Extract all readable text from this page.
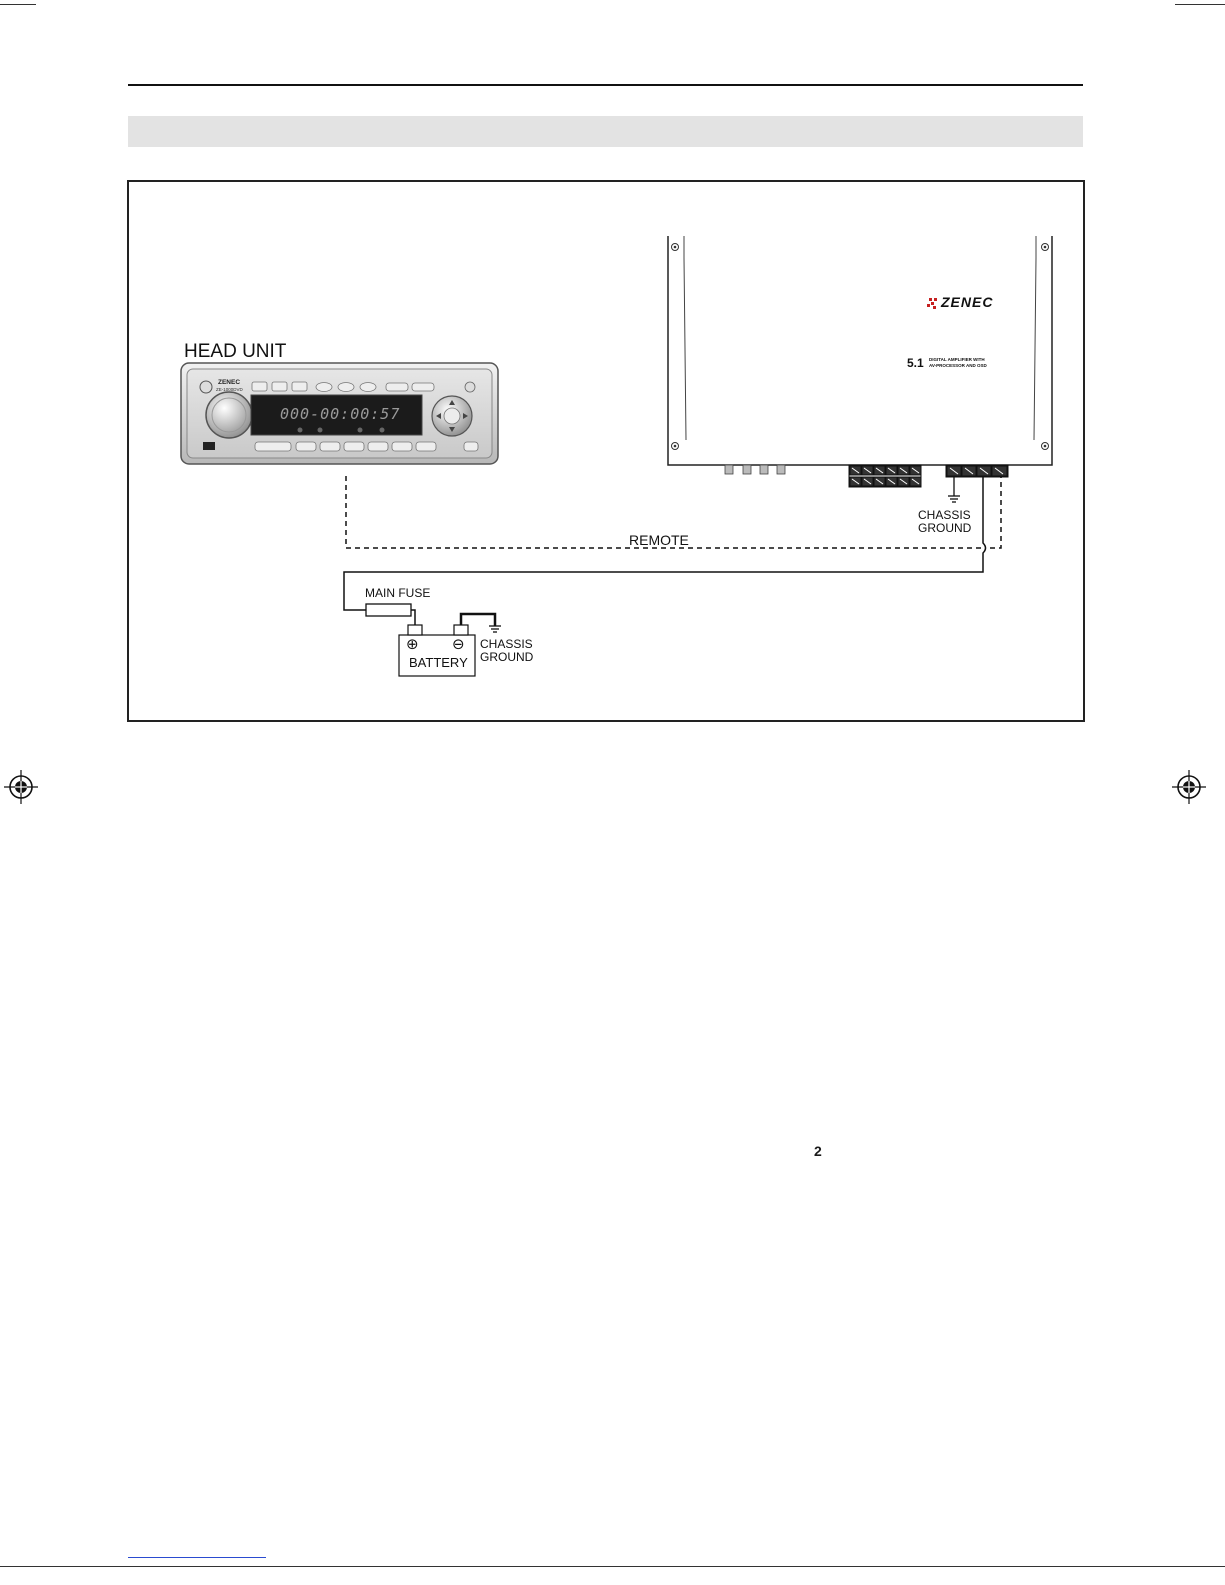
HEAD UNIT
ZENEC
ZE-1000DVD
000-00:00:57
ZENEC
5.1 DIGITAL AMPLIFIER WITH
AV-PROCESSOR AND OSD
CHASSIS
GROUND
REMOTE
MAIN FUSE
⊕ ⊖
BATTERY
CHASSIS
GROUND
2
